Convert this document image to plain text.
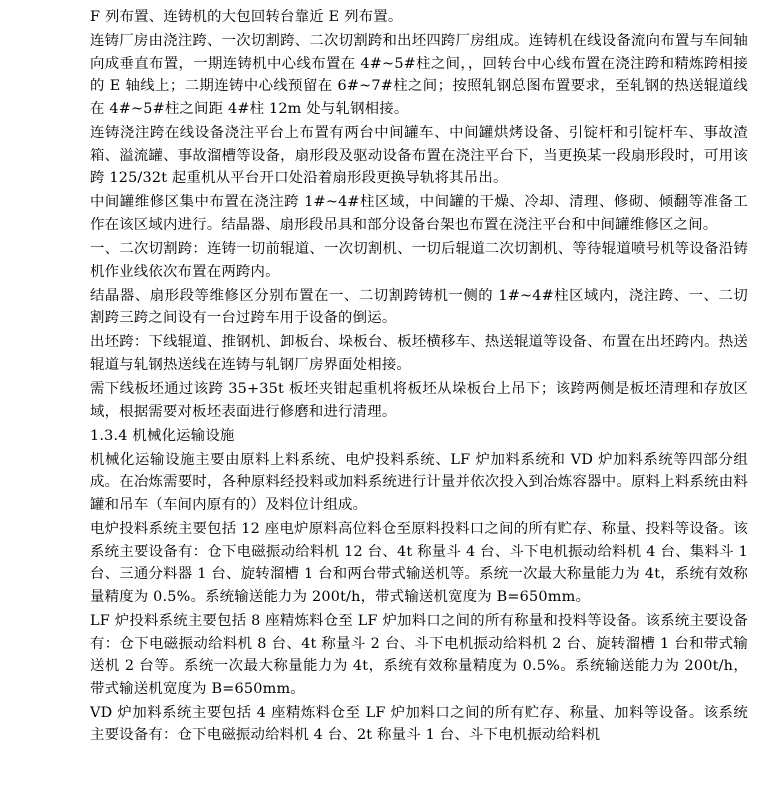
F 列布置、连铸机的大包回转台靠近 E 列布置。

连铸厂房由浇注跨、一次切割跨、二次切割跨和出坯四跨厂房组成。连铸机在线设备流向布置与车间轴向成垂直布置，一期连铸机中心线布置在 4#~5#柱之间，，回转台中心线布置在浇注跨和精炼跨相接的 E 轴线上；二期连铸中心线预留在 6#~7#柱之间；按照轧钢总图布置要求，至轧钢的热送辊道线在 4#~5#柱之间距 4#柱 12m 处与轧钢相接。

连铸浇注跨在线设备浇注平台上布置有两台中间罐车、中间罐烘烤设备、引锭杆和引锭杆车、事故渣箱、溢流罐、事故溜槽等设备，扇形段及驱动设备布置在浇注平台下，当更换某一段扇形段时，可用该跨 125/32t 起重机从平台开口处沿着扇形段更换导轨将其吊出。

中间罐维修区集中布置在浇注跨 1#~4#柱区域，中间罐的干燥、冷却、清理、修砌、倾翻等准备工作在该区域内进行。结晶器、扇形段吊具和部分设备台架也布置在浇注平台和中间罐维修区之间。

一、二次切割跨：连铸一切前辊道、一次切割机、一切后辊道二次切割机、等待辊道喷号机等设备沿铸机作业线依次布置在两跨内。

结晶器、扇形段等维修区分别布置在一、二切割跨铸机一侧的 1#~4#柱区域内，浇注跨、一、二切割跨三跨之间设有一台过跨车用于设备的倒运。

出坯跨：下线辊道、推钢机、卸板台、垛板台、板坯横移车、热送辊道等设备、布置在出坯跨内。热送辊道与轧钢热送线在连铸与轧钢厂房界面处相接。

需下线板坯通过该跨 35+35t 板坯夹钳起重机将板坯从垛板台上吊下；该跨两侧是板坯清理和存放区域，根据需要对板坯表面进行修磨和进行清理。

1.3.4 机械化运输设施

机械化运输设施主要由原料上料系统、电炉投料系统、LF 炉加料系统和 VD 炉加料系统等四部分组成。在冶炼需要时，各种原料经投料或加料系统进行计量并依次投入到冶炼容器中。原料上料系统由料罐和吊车（车间内原有的）及料位计组成。

电炉投料系统主要包括 12 座电炉原料高位料仓至原料投料口之间的所有贮存、称量、投料等设备。该系统主要设备有：仓下电磁振动给料机 12 台、4t 称量斗 4 台、斗下电机振动给料机 4 台、集料斗 1 台、三通分料器 1 台、旋转溜槽 1 台和两台带式输送机等。系统一次最大称量能力为 4t，系统有效称量精度为 0.5%。系统输送能力为 200t/h，带式输送机宽度为 B=650mm。

LF 炉投料系统主要包括 8 座精炼料仓至 LF 炉加料口之间的所有称量和投料等设备。该系统主要设备有：仓下电磁振动给料机 8 台、4t 称量斗 2 台、斗下电机振动给料机 2 台、旋转溜槽 1 台和带式输送机 2 台等。系统一次最大称量能力为 4t，系统有效称量精度为 0.5%。系统输送能力为 200t/h，带式输送机宽度为 B=650mm。

VD 炉加料系统主要包括 4 座精炼料仓至 LF 炉加料口之间的所有贮存、称量、加料等设备。该系统主要设备有：仓下电磁振动给料机 4 台、2t 称量斗 1 台、斗下电机振动给料机
